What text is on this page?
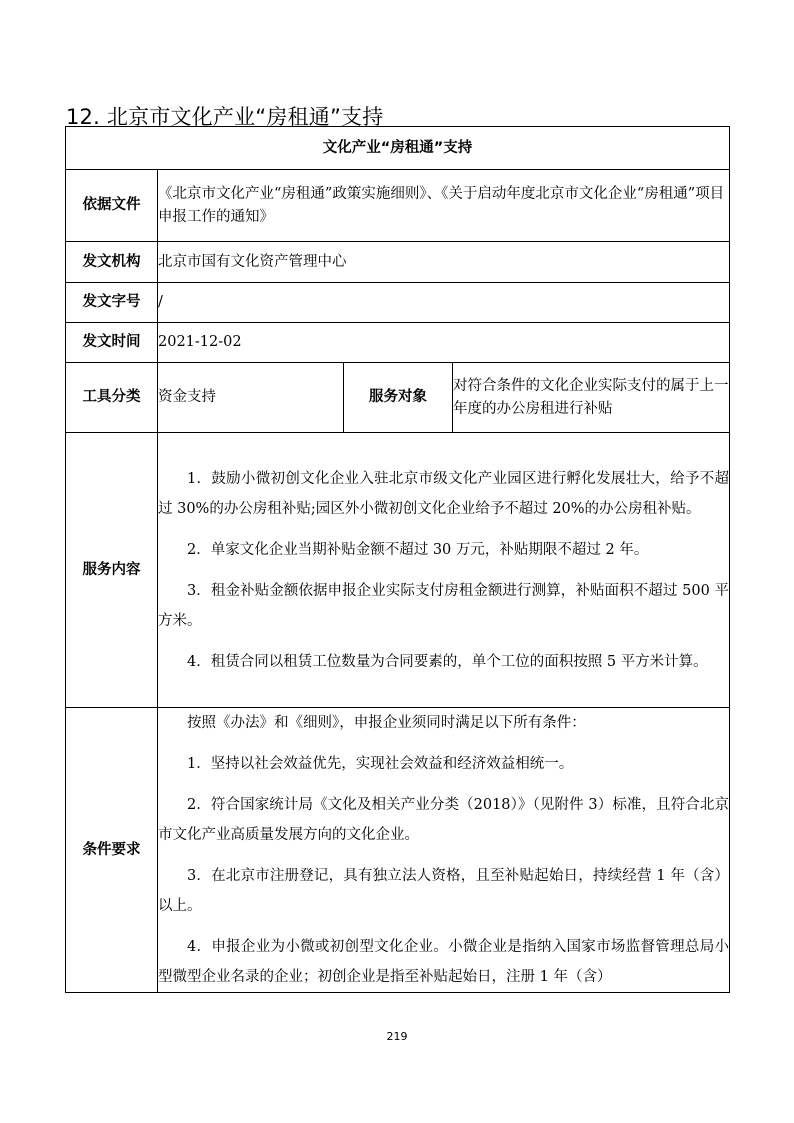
12. 北京市文化产业“房租通”支持
文化产业“房租通”支持			
依据文件	《北京市文化产业“房租通”政策实施细则》、《关于启动年度北京市文化企业“房租通”项目申报工作的通知》		
发文机构	北京市国有文化资产管理中心		
发文字号	/		
发文时间	2021-12-02		
工具分类	资金支持	服务对象	对符合条件的文化企业实际支付的属于上一年度的办公房租进行补贴
服务内容	1．鼓励小微初创文化企业入驻北京市级文化产业园区进行孵化发展壮大，给予不超过 30%的办公房租补贴;园区外小微初创文化企业给予不超过 20%的办公房租补贴。

2．单家文化企业当期补贴金额不超过 30 万元，补贴期限不超过 2 年。

3．租金补贴金额依据申报企业实际支付房租金额进行测算，补贴面积不超过 500 平方米。

4．租赁合同以租赁工位数量为合同要素的，单个工位的面积按照 5 平方米计算。		

条件要求	按照《办法》和《细则》，申报企业须同时满足以下所有条件：

1．坚持以社会效益优先，实现社会效益和经济效益相统一。

2．符合国家统计局《文化及相关产业分类（2018）》（见附件 3）标准，且符合北京市文化产业高质量发展方向的文化企业。

3．在北京市注册登记，具有独立法人资格，且至补贴起始日，持续经营 1 年（含）以上。

4．申报企业为小微或初创型文化企业。小微企业是指纳入国家市场监督管理总局小型微型企业名录的企业；初创企业是指至补贴起始日，注册 1 年（含）		

219
